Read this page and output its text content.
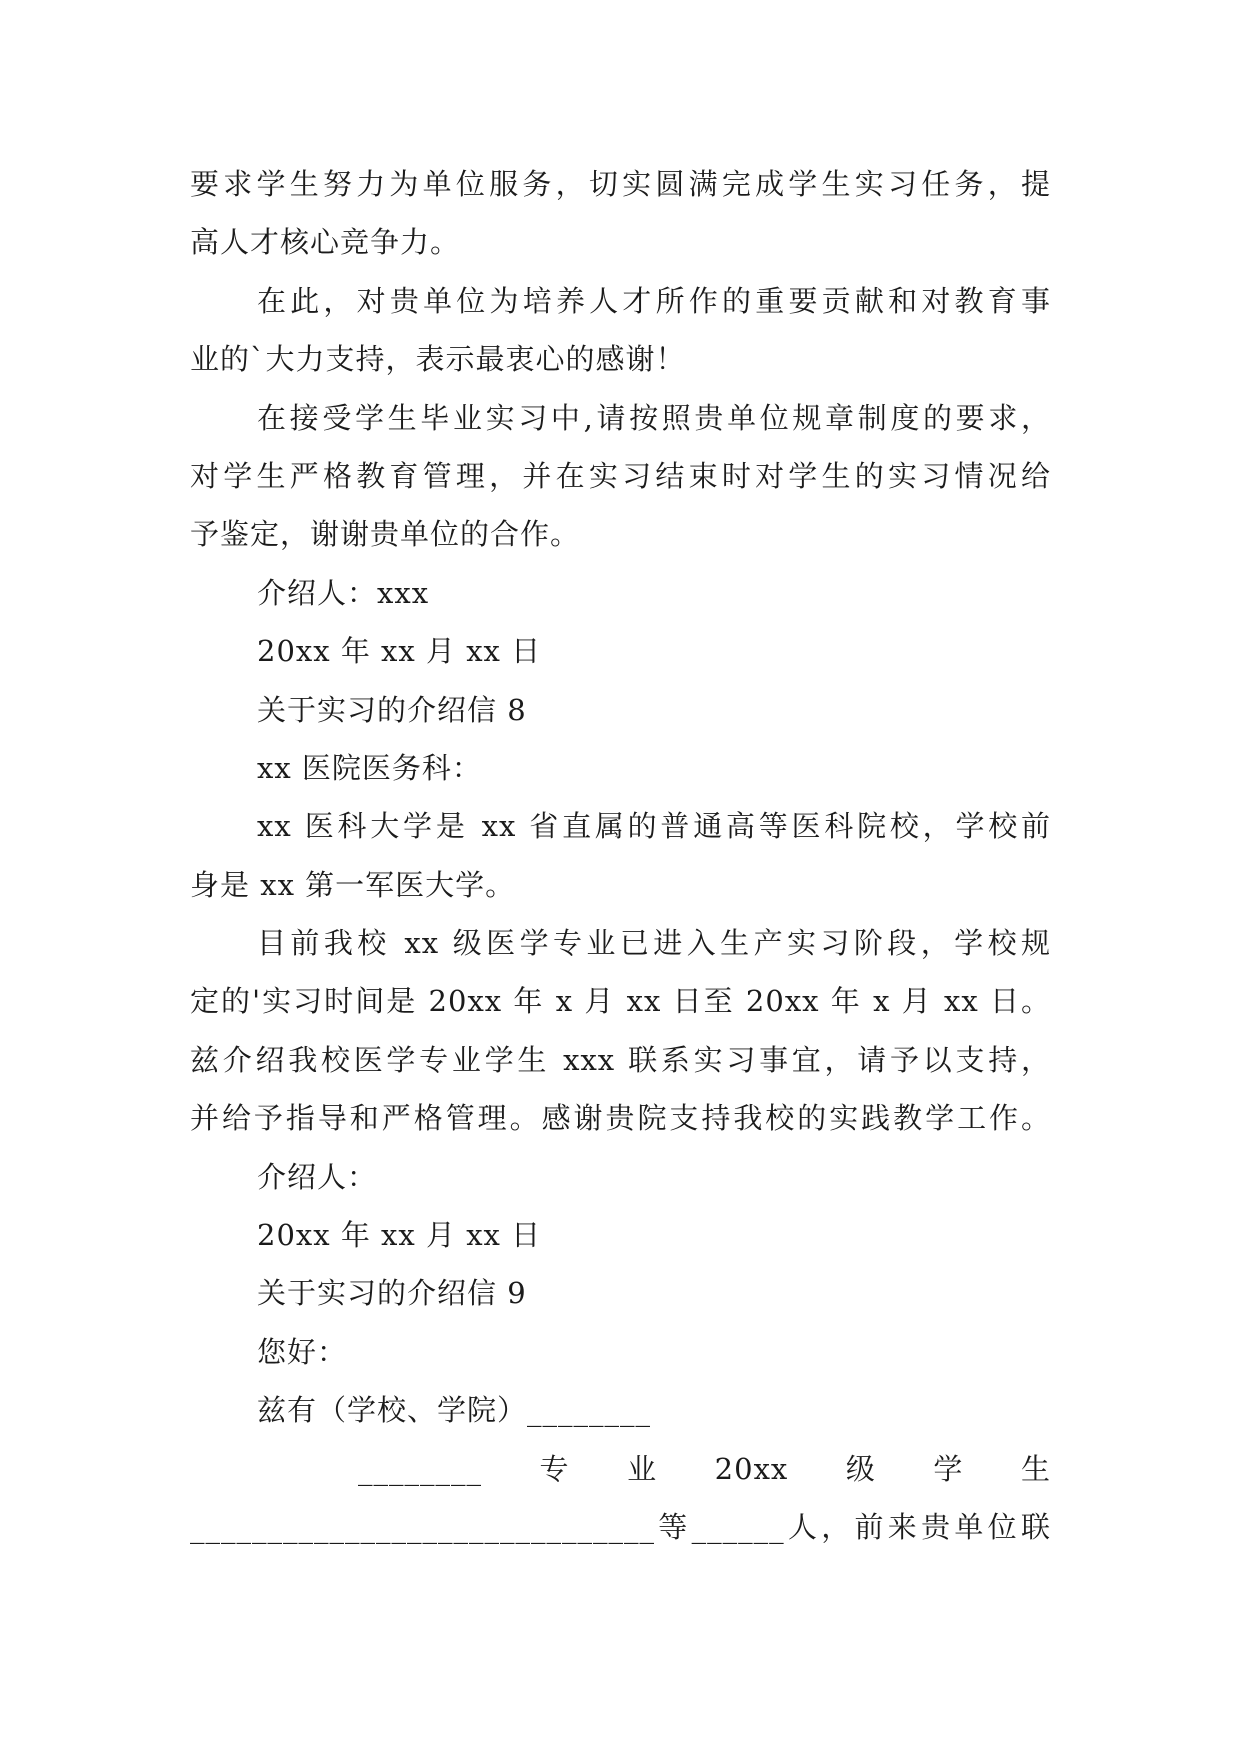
要求学生努力为单位服务，切实圆满完成学生实习任务，提
高人才核心竞争力。
在此，对贵单位为培养人才所作的重要贡献和对教育事
业的`大力支持，表示最衷心的感谢！
在接受学生毕业实习中,请按照贵单位规章制度的要求，
对学生严格教育管理，并在实习结束时对学生的实习情况给
予鉴定，谢谢贵单位的合作。
介绍人：xxx
20xx 年 xx 月 xx 日
关于实习的介绍信 8
xx 医院医务科：
xx 医科大学是 xx 省直属的普通高等医科院校，学校前
身是 xx 第一军医大学。
目前我校 xx 级医学专业已进入生产实习阶段，学校规
定的'实习时间是 20xx 年 x 月 xx 日至 20xx 年 x 月 xx 日。
兹介绍我校医学专业学生 xxx 联系实习事宜，请予以支持，
并给予指导和严格管理。感谢贵院支持我校的实践教学工作。
介绍人：
20xx 年 xx 月 xx 日
关于实习的介绍信 9
您好：
兹有（学校、学院）________
________ 专 业 20xx 级 学 生
______________________________等______人，前来贵单位联
